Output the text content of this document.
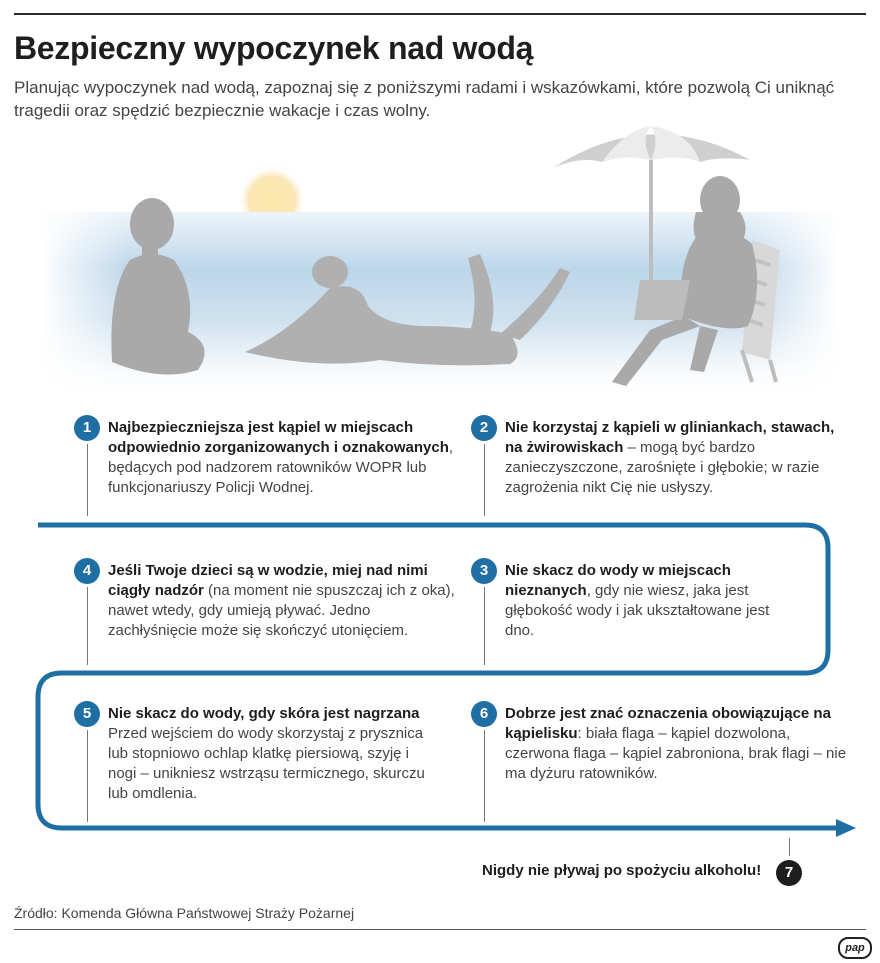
Bezpieczny wypoczynek nad wodą

Planując wypoczynek nad wodą, zapoznaj się z poniższymi radami i wskazówkami, które pozwolą Ci uniknąć tragedii oraz spędzić bezpiecznie wakacje i czas wolny.

1	Najbezpieczniejsza jest kąpiel w miejscach odpowiednio zorganizowanych i oznakowanych, będących pod nadzorem ratowników WOPR lub funkcjonariuszy Policji Wodnej.
2	Nie korzystaj z kąpieli w gliniankach, stawach, na żwirowiskach – mogą być bardzo zanieczyszczone, zarośnięte i głębokie; w razie zagrożenia nikt Cię nie usłyszy.
4	Jeśli Twoje dzieci są w wodzie, miej nad nimi ciągły nadzór (na moment nie spuszczaj ich z oka), nawet wtedy, gdy umieją pływać. Jedno zachłyśnięcie może się skończyć utonięciem.
3	Nie skacz do wody w miejscach nieznanych, gdy nie wiesz, jaka jest głębokość wody i jak ukształtowane jest dno.
5	Nie skacz do wody, gdy skóra jest nagrzana Przed wejściem do wody skorzystaj z prysznica lub stopniowo ochlap klatkę piersiową, szyję i nogi – unikniesz wstrząsu termicznego, skurczu lub omdlenia.
6	Dobrze jest znać oznaczenia obowiązujące na kąpielisku: biała flaga – kąpiel dozwolona, czerwona flaga – kąpiel zabroniona, brak flagi – nie ma dyżuru ratowników.
Nigdy nie pływaj po spożyciu alkoholu!	7
Źródło: Komenda Główna Państwowej Straży Pożarnej
pap
